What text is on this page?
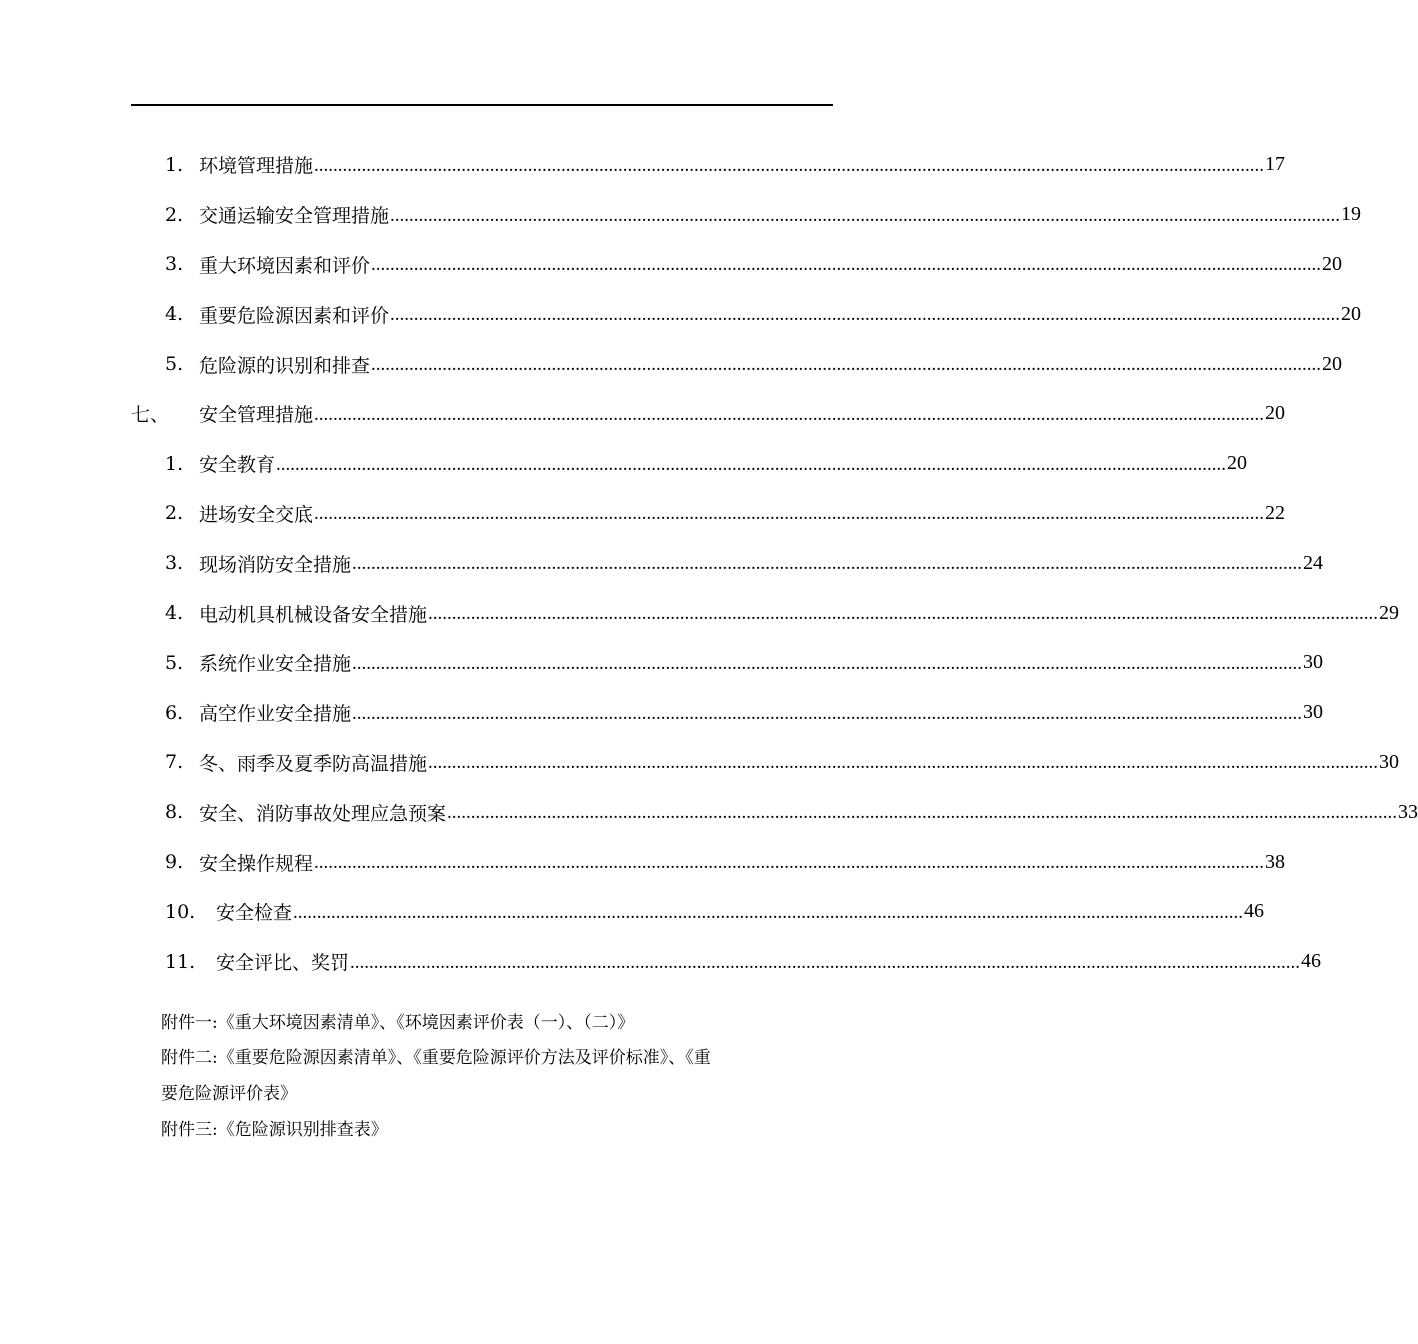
1. 环境管理措施 ........................................................................................................................................................................................................ 17
2. 交通运输安全管理措施 ........................................................................................................................................................................................................ 19
3. 重大环境因素和评价 ........................................................................................................................................................................................................ 20
4. 重要危险源因素和评价 ........................................................................................................................................................................................................ 20
5. 危险源的识别和排查 ........................................................................................................................................................................................................ 20
七、	安全管理措施 ........................................................................................................................................................................................................ 20
1. 安全教育 ........................................................................................................................................................................................................ 20
2. 进场安全交底 ........................................................................................................................................................................................................ 22
3. 现场消防安全措施 ........................................................................................................................................................................................................ 24
4. 电动机具机械设备安全措施 ........................................................................................................................................................................................................ 29
5. 系统作业安全措施 ........................................................................................................................................................................................................ 30
6. 高空作业安全措施 ........................................................................................................................................................................................................ 30
7. 冬、雨季及夏季防高温措施 ........................................................................................................................................................................................................ 30
8. 安全、消防事故处理应急预案 ........................................................................................................................................................................................................ 33
9. 安全操作规程 ........................................................................................................................................................................................................ 38
10.	安全检查 ........................................................................................................................................................................................................ 46
11.	安全评比、奖罚 ........................................................................................................................................................................................................ 46
附件一:《重大环境因素清单》、《环境因素评价表（一）、（二）》
附件二:《重要危险源因素清单》、《重要危险源评价方法及评价标准》、《重
要危险源评价表》
附件三:《危险源识别排查表》
